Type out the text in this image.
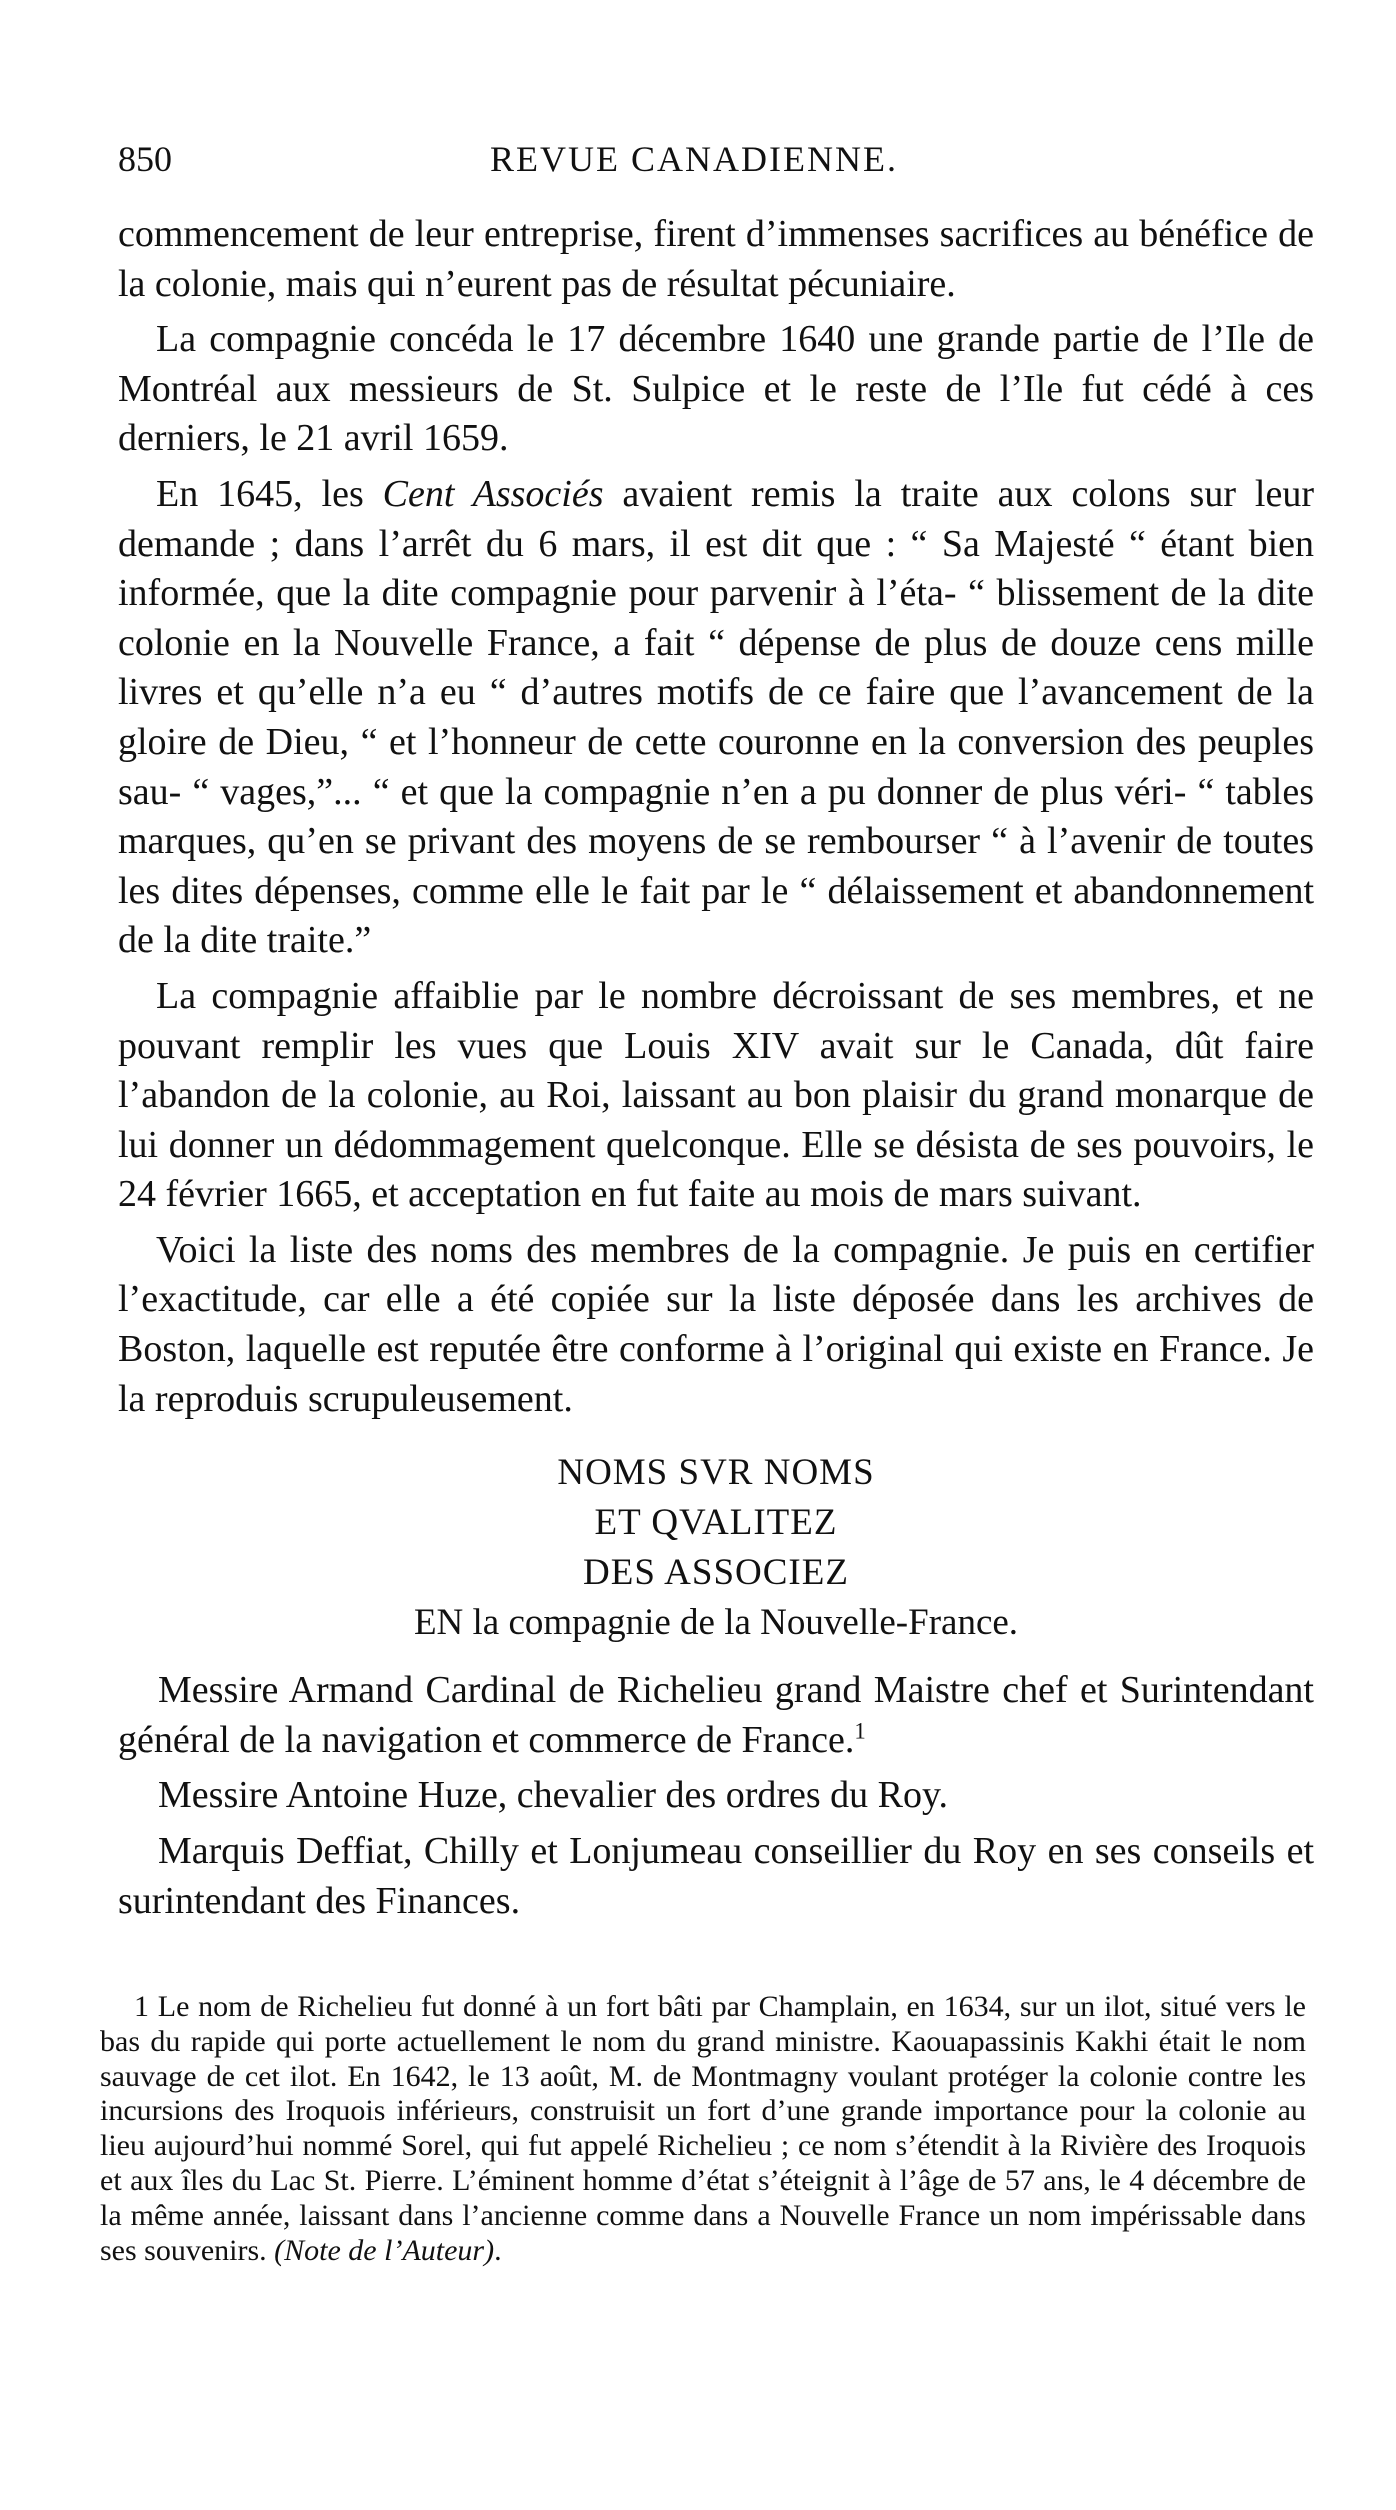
850	REVUE CANADIENNE.

commencement de leur entreprise, firent d’immenses sacrifices au bénéfice de la colonie, mais qui n’eurent pas de résultat pécuniaire.

La compagnie concéda le 17 décembre 1640 une grande partie de l’Ile de Montréal aux messieurs de St. Sulpice et le reste de l’Ile fut cédé à ces derniers, le 21 avril 1659.

En 1645, les Cent Associés avaient remis la traite aux colons sur leur demande ; dans l’arrêt du 6 mars, il est dit que : “ Sa Majesté “ étant bien informée, que la dite compagnie pour parvenir à l’éta- “ blissement de la dite colonie en la Nouvelle France, a fait “ dépense de plus de douze cens mille livres et qu’elle n’a eu “ d’autres motifs de ce faire que l’avancement de la gloire de Dieu, “ et l’honneur de cette couronne en la conversion des peuples sau- “ vages,”... “ et que la compagnie n’en a pu donner de plus véri- “ tables marques, qu’en se privant des moyens de se rembourser “ à l’avenir de toutes les dites dépenses, comme elle le fait par le “ délaissement et abandonnement de la dite traite.”

La compagnie affaiblie par le nombre décroissant de ses membres, et ne pouvant remplir les vues que Louis XIV avait sur le Canada, dût faire l’abandon de la colonie, au Roi, laissant au bon plaisir du grand monarque de lui donner un dédommagement quelconque. Elle se désista de ses pouvoirs, le 24 février 1665, et acceptation en fut faite au mois de mars suivant.

Voici la liste des noms des membres de la compagnie. Je puis en certifier l’exactitude, car elle a été copiée sur la liste déposée dans les archives de Boston, laquelle est reputée être conforme à l’original qui existe en France. Je la reproduis scrupuleusement.

NOMS SVR NOMS
ET QVALITEZ
DES ASSOCIEZ
EN la compagnie de la Nouvelle-France.

Messire Armand Cardinal de Richelieu grand Maistre chef et Surintendant général de la navigation et commerce de France.$^1$

Messire Antoine Huze, chevalier des ordres du Roy.

Marquis Deffiat, Chilly et Lonjumeau conseillier du Roy en ses conseils et surintendant des Finances.

1 Le nom de Richelieu fut donné à un fort bâti par Champlain, en 1634, sur un ilot, situé vers le bas du rapide qui porte actuellement le nom du grand ministre. Kaouapassinis Kakhi était le nom sauvage de cet ilot. En 1642, le 13 août, M. de Montmagny voulant protéger la colonie contre les incursions des Iroquois inférieurs, construisit un fort d’une grande importance pour la colonie au lieu aujourd’hui nommé Sorel, qui fut appelé Richelieu ; ce nom s’étendit à la Rivière des Iroquois et aux îles du Lac St. Pierre. L’éminent homme d’état s’éteignit à l’âge de 57 ans, le 4 décembre de la même année, laissant dans l’ancienne comme dans a Nouvelle France un nom impérissable dans ses souvenirs. (Note de l’Auteur).
